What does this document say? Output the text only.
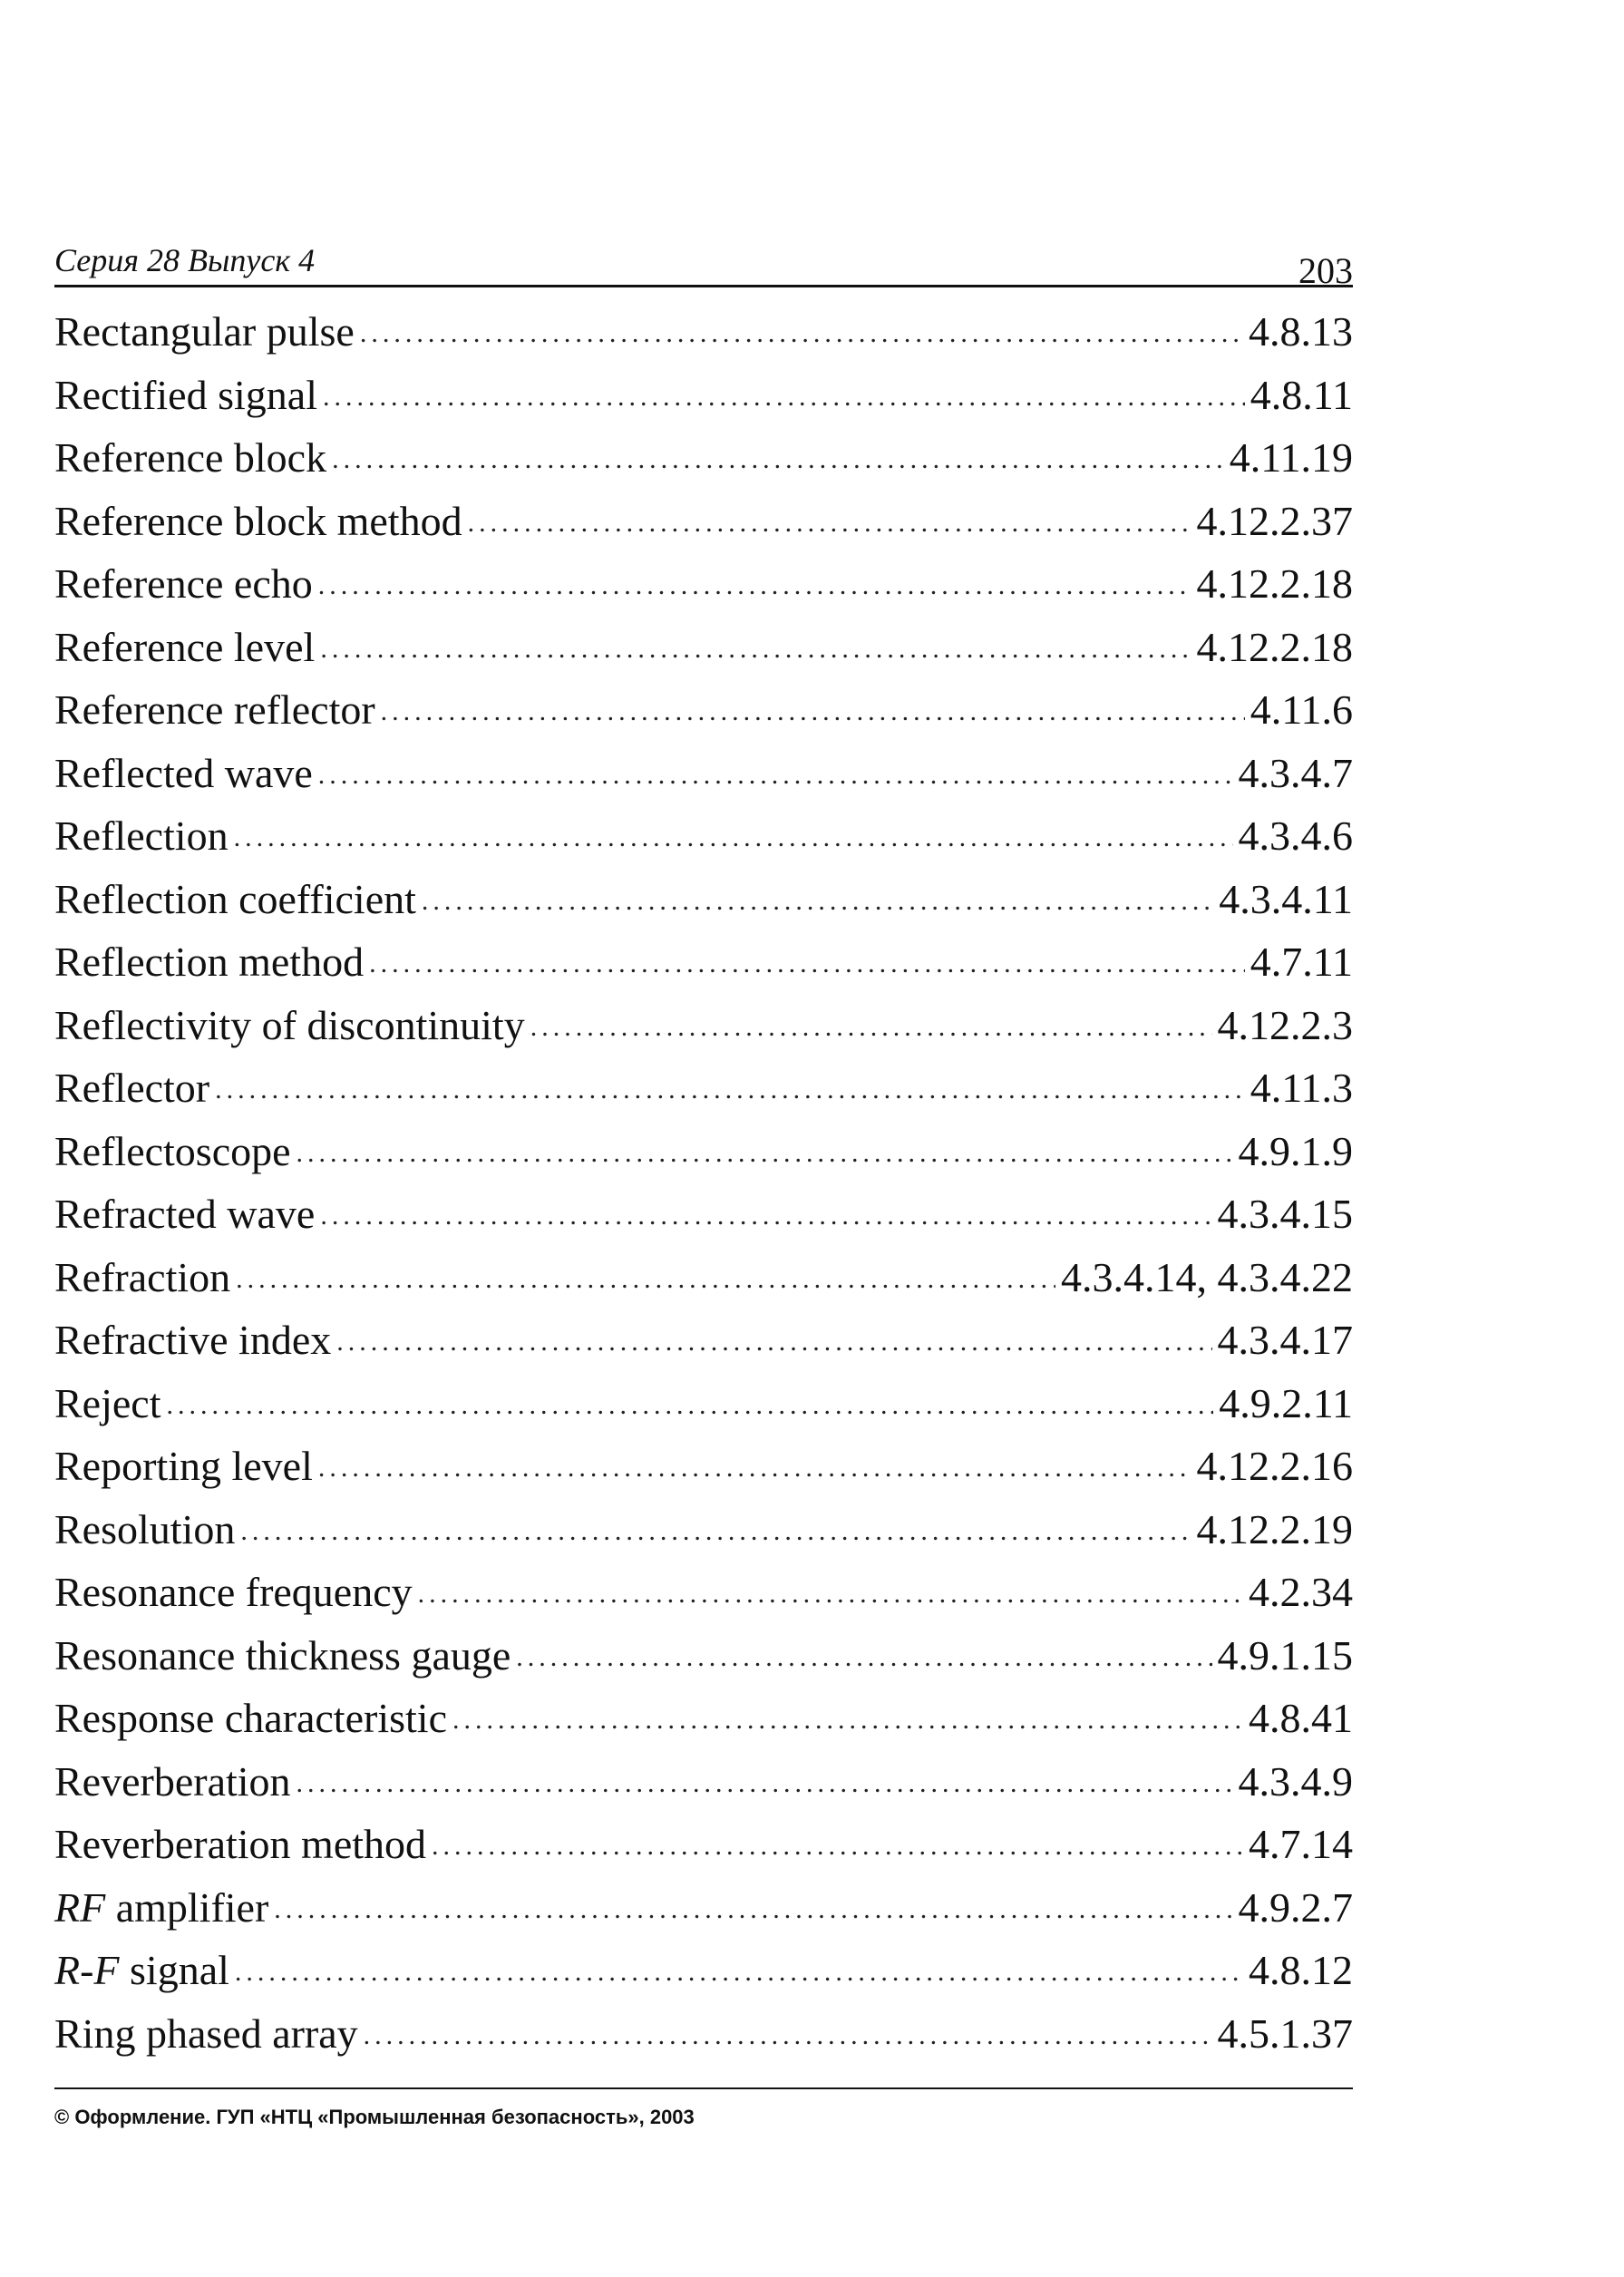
Серия 28 Выпуск 4	203
Rectangular pulse .....	4.8.13
Rectified signal .....	4.8.11
Reference block .....	4.11.19
Reference block method .....	4.12.2.37
Reference echo .....	4.12.2.18
Reference level .....	4.12.2.18
Reference reflector .....	4.11.6
Reflected wave .....	4.3.4.7
Reflection .....	4.3.4.6
Reflection coefficient .....	4.3.4.11
Reflection method .....	4.7.11
Reflectivity of discontinuity .....	4.12.2.3
Reflector .....	4.11.3
Reflectoscope .....	4.9.1.9
Refracted wave .....	4.3.4.15
Refraction .....	4.3.4.14, 4.3.4.22
Refractive index .....	4.3.4.17
Reject .....	4.9.2.11
Reporting level .....	4.12.2.16
Resolution .....	4.12.2.19
Resonance frequency .....	4.2.34
Resonance thickness gauge .....	4.9.1.15
Response characteristic .....	4.8.41
Reverberation .....	4.3.4.9
Reverberation method .....	4.7.14
RF amplifier .....	4.9.2.7
R-F signal .....	4.8.12
Ring phased array .....	4.5.1.37
© Оформление. ГУП «НТЦ «Промышленная безопасность», 2003
